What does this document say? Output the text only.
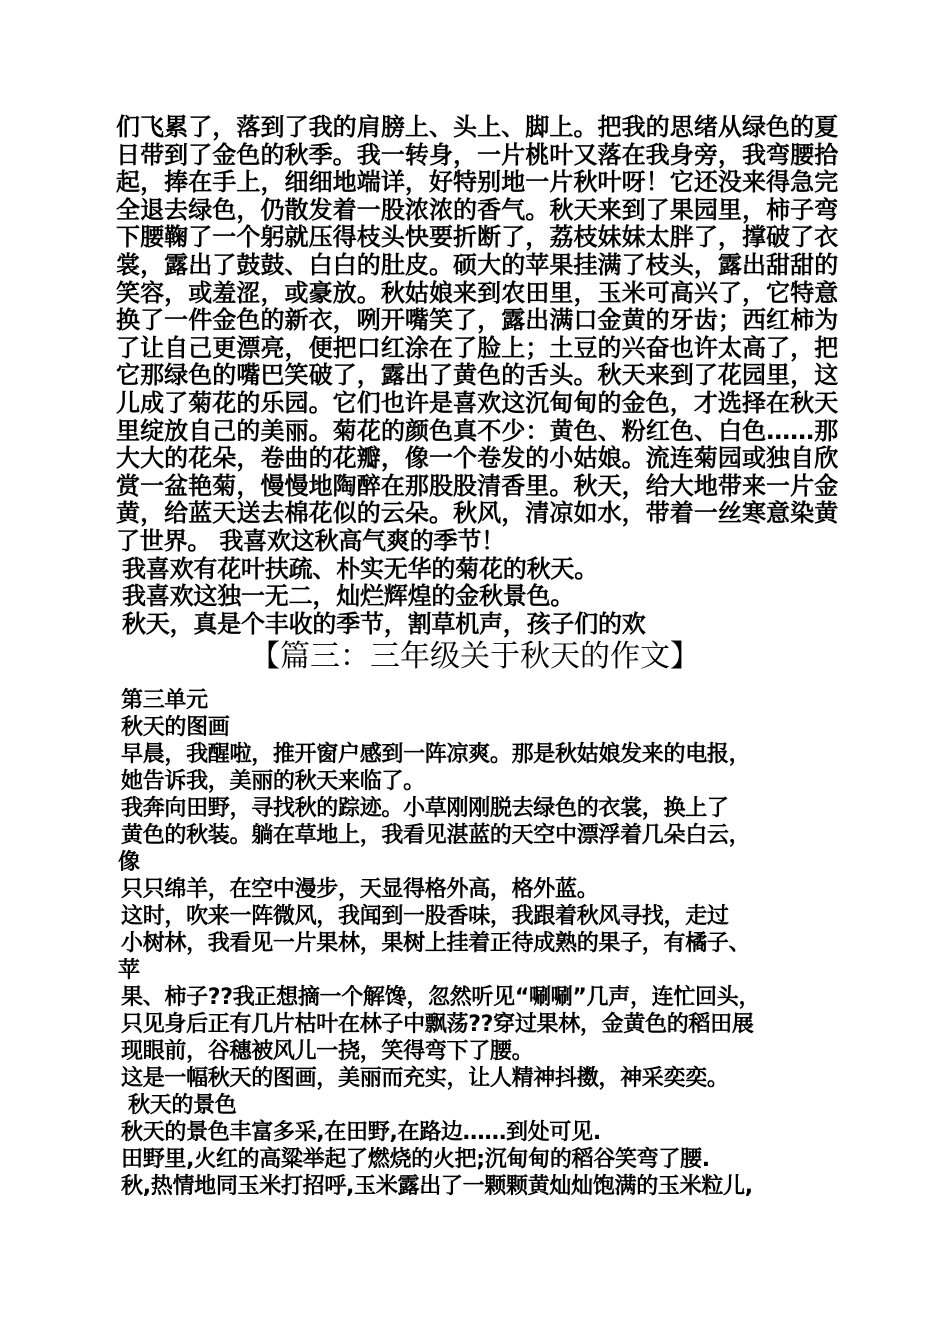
们飞累了，落到了我的肩膀上、头上、脚上。把我的思绪从绿色的夏
日带到了金色的秋季。我一转身，一片桃叶又落在我身旁，我弯腰拾
起，捧在手上，细细地端详，好特别地一片秋叶呀！它还没来得急完
全退去绿色，仍散发着一股浓浓的香气。秋天来到了果园里，柿子弯
下腰鞠了一个躬就压得枝头快要折断了，荔枝妹妹太胖了，撑破了衣
裳，露出了鼓鼓、白白的肚皮。硕大的苹果挂满了枝头，露出甜甜的
笑容，或羞涩，或豪放。秋姑娘来到农田里，玉米可高兴了，它特意
换了一件金色的新衣，咧开嘴笑了，露出满口金黄的牙齿；西红柿为
了让自己更漂亮，便把口红涂在了脸上；土豆的兴奋也许太高了，把
它那绿色的嘴巴笑破了，露出了黄色的舌头。秋天来到了花园里，这
儿成了菊花的乐园。它们也许是喜欢这沉甸甸的金色，才选择在秋天
里绽放自己的美丽。菊花的颜色真不少：黄色、粉红色、白色……那
大大的花朵，卷曲的花瓣，像一个卷发的小姑娘。流连菊园或独自欣
赏一盆艳菊，慢慢地陶醉在那股股清香里。秋天，给大地带来一片金
黄，给蓝天送去棉花似的云朵。秋风，清凉如水，带着一丝寒意染黄
了世界。 我喜欢这秋高气爽的季节！
我喜欢有花叶扶疏、朴实无华的菊花的秋天。
我喜欢这独一无二，灿烂辉煌的金秋景色。
秋天，真是个丰收的季节，割草机声，孩子们的欢
【篇三：三年级关于秋天的作文】
第三单元
秋天的图画
早晨，我醒啦，推开窗户感到一阵凉爽。那是秋姑娘发来的电报，
她告诉我，美丽的秋天来临了。
我奔向田野，寻找秋的踪迹。小草刚刚脱去绿色的衣裳，换上了
黄色的秋装。躺在草地上，我看见湛蓝的天空中漂浮着几朵白云，
像
只只绵羊，在空中漫步，天显得格外高，格外蓝。
这时，吹来一阵微风，我闻到一股香味，我跟着秋风寻找，走过
小树林，我看见一片果林，果树上挂着正待成熟的果子，有橘子、
苹
果、柿子??我正想摘一个解馋，忽然听见“唰唰”几声，连忙回头，
只见身后正有几片枯叶在林子中飘荡??穿过果林，金黄色的稻田展
现眼前，谷穗被风儿一挠，笑得弯下了腰。
这是一幅秋天的图画，美丽而充实，让人精神抖擞，神采奕奕。
秋天的景色
秋天的景色丰富多采,在田野,在路边……到处可见.
田野里,火红的高粱举起了燃烧的火把;沉甸甸的稻谷笑弯了腰.
秋,热情地同玉米打招呼,玉米露出了一颗颗黄灿灿饱满的玉米粒儿,
